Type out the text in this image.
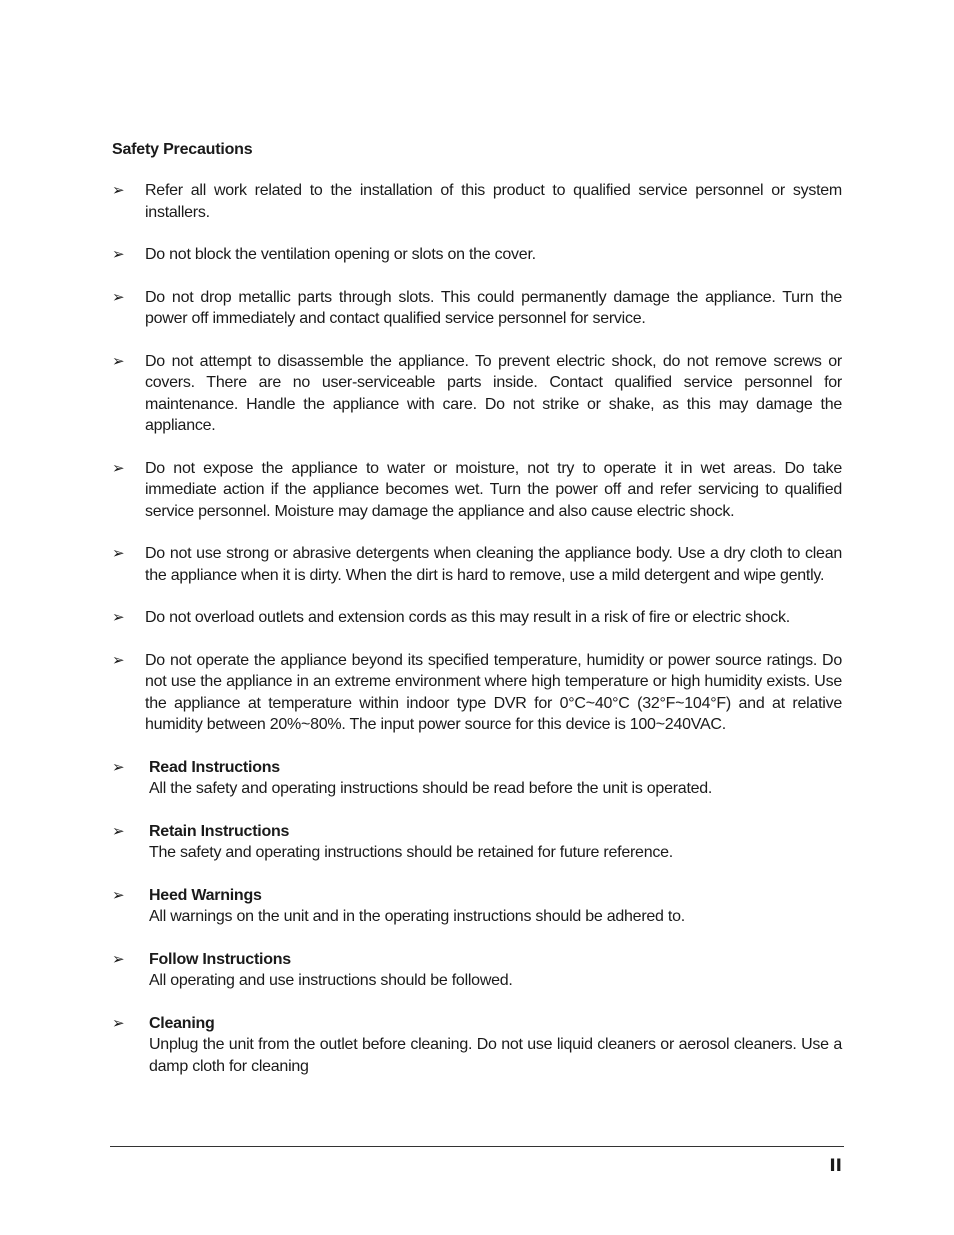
Safety Precautions
➢ Refer all work related to the installation of this product to qualified service personnel or system installers.
➢ Do not block the ventilation opening or slots on the cover.
➢ Do not drop metallic parts through slots. This could permanently damage the appliance. Turn the power off immediately and contact qualified service personnel for service.
➢ Do not attempt to disassemble the appliance. To prevent electric shock, do not remove screws or covers. There are no user-serviceable parts inside. Contact qualified service personnel for maintenance. Handle the appliance with care. Do not strike or shake, as this may damage the appliance.
➢ Do not expose the appliance to water or moisture, not try to operate it in wet areas. Do take immediate action if the appliance becomes wet. Turn the power off and refer servicing to qualified service personnel. Moisture may damage the appliance and also cause electric shock.
➢ Do not use strong or abrasive detergents when cleaning the appliance body. Use a dry cloth to clean the appliance when it is dirty. When the dirt is hard to remove, use a mild detergent and wipe gently.
➢ Do not overload outlets and extension cords as this may result in a risk of fire or electric shock.
➢ Do not operate the appliance beyond its specified temperature, humidity or power source ratings. Do not use the appliance in an extreme environment where high temperature or high humidity exists. Use the appliance at temperature within indoor type DVR for 0°C~40°C (32°F~104°F) and at relative humidity between 20%~80%. The input power source for this device is 100~240VAC.
➢ Read Instructions
All the safety and operating instructions should be read before the unit is operated.
➢ Retain Instructions
The safety and operating instructions should be retained for future reference.
➢ Heed Warnings
All warnings on the unit and in the operating instructions should be adhered to.
➢ Follow Instructions
All operating and use instructions should be followed.
➢ Cleaning
Unplug the unit from the outlet before cleaning. Do not use liquid cleaners or aerosol cleaners. Use a damp cloth for cleaning
II
